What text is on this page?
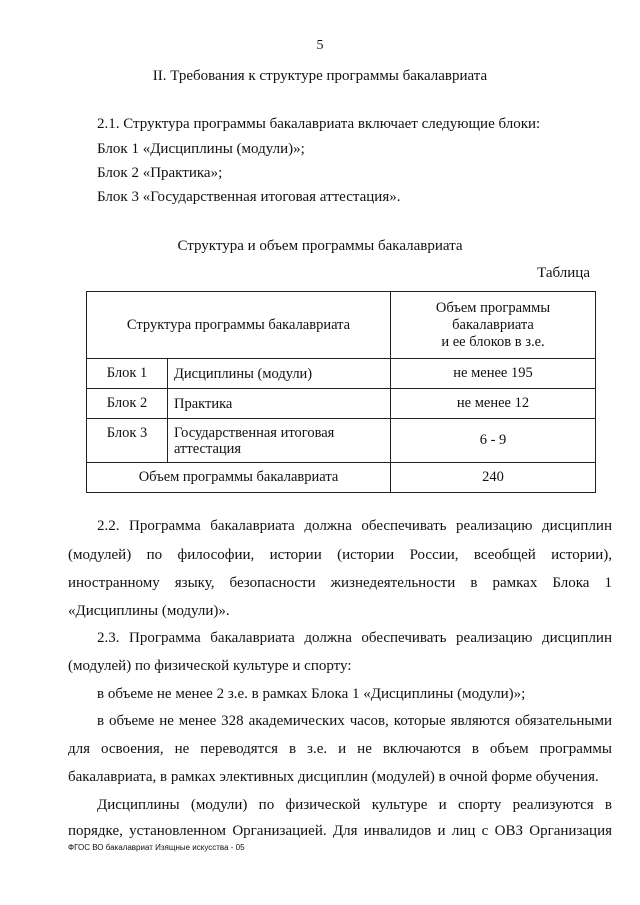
5
II. Требования к структуре программы бакалавриата
2.1. Структура программы бакалавриата включает следующие блоки:
Блок 1 «Дисциплины (модули)»;
Блок 2 «Практика»;
Блок 3 «Государственная итоговая аттестация».
Структура и объем программы бакалавриата
Таблица
Структура программы бакалавриата		Объем программы
бакалавриата
и ее блоков в з.е.

Блок 1	Дисциплины (модули)	не менее 195
Блок 2	Практика	не менее 12
Блок 3	Государственная итоговая
аттестация	6 - 9
Объем программы бакалавриата		240
2.2. Программа бакалавриата должна обеспечивать реализацию дисциплин
(модулей) по философии, истории (истории России, всеобщей истории),
иностранному языку, безопасности жизнедеятельности в рамках Блока 1
«Дисциплины (модули)».
2.3. Программа бакалавриата должна обеспечивать реализацию дисциплин
(модулей) по физической культуре и спорту:
в объеме не менее 2 з.е. в рамках Блока 1 «Дисциплины (модули)»;
в объеме не менее 328 академических часов, которые являются обязательными
для освоения, не переводятся в з.е. и не включаются в объем программы
бакалавриата, в рамках элективных дисциплин (модулей) в очной форме обучения.
Дисциплины (модули) по физической культуре и спорту реализуются в
порядке, установленном Организацией. Для инвалидов и лиц с ОВЗ Организация
ФГОС ВО бакалавриат Изящные искусства - 05
